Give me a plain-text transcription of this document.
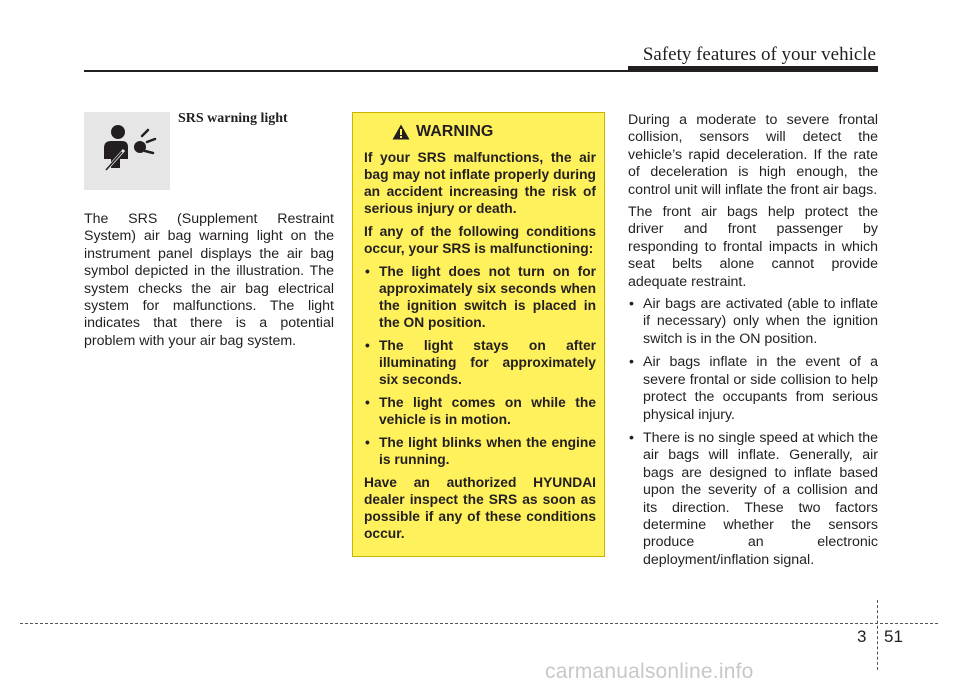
Safety features of your vehicle
SRS warning light

The SRS (Supplement Restraint System) air bag warning light on the instrument panel displays the air bag symbol depicted in the illustration. The system checks the air bag electrical system for malfunctions. The light indicates that there is a potential problem with your air bag system.

WARNING

If your SRS malfunctions, the air bag may not inflate properly during an accident increasing the risk of serious injury or death.

If any of the following conditions occur, your SRS is malfunctioning:

• The light does not turn on for approximately six seconds when the ignition switch is placed in the ON position.
• The light stays on after illuminating for approximately six seconds.
• The light comes on while the vehicle is in motion.
• The light blinks when the engine is running.

Have an authorized HYUNDAI dealer inspect the SRS as soon as possible if any of these conditions occur.

During a moderate to severe frontal collision, sensors will detect the vehicle’s rapid deceleration. If the rate of deceleration is high enough, the control unit will inflate the front air bags.

The front air bags help protect the driver and front passenger by responding to frontal impacts in which seat belts alone cannot provide adequate restraint.

• Air bags are activated (able to inflate if necessary) only when the ignition switch is in the ON position.
• Air bags inflate in the event of a severe frontal or side collision to help protect the occupants from serious physical injury.
• There is no single speed at which the air bags will inflate. Generally, air bags are designed to inflate based upon the severity of a collision and its direction. These two factors determine whether the sensors produce an electronic deployment/inflation signal.
3 51
carmanualsonline.info
